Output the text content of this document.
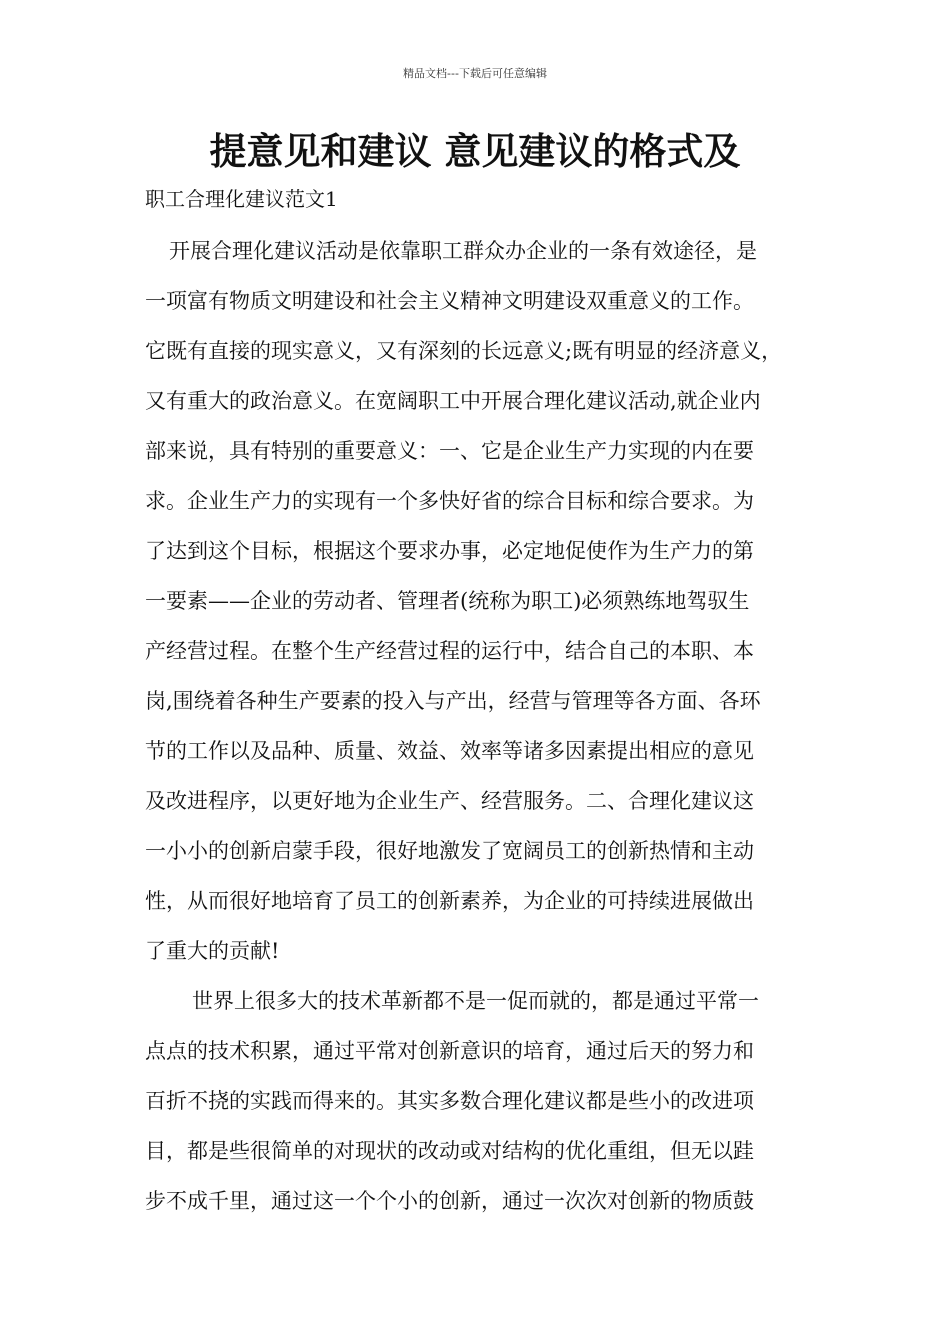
精品文档---下载后可任意编辑
提意见和建议 意见建议的格式及
职工合理化建议范文1
开展合理化建议活动是依靠职工群众办企业的一条有效途径，是
一项富有物质文明建设和社会主义精神文明建设双重意义的工作。
它既有直接的现实意义，又有深刻的长远意义;既有明显的经济意义，
又有重大的政治意义。在宽阔职工中开展合理化建议活动,就企业内
部来说，具有特别的重要意义：一、它是企业生产力实现的内在要
求。企业生产力的实现有一个多快好省的综合目标和综合要求。为
了达到这个目标，根据这个要求办事，必定地促使作为生产力的第
一要素——企业的劳动者、管理者(统称为职工)必须熟练地驾驭生
产经营过程。在整个生产经营过程的运行中，结合自己的本职、本
岗,围绕着各种生产要素的投入与产出，经营与管理等各方面、各环
节的工作以及品种、质量、效益、效率等诸多因素提出相应的意见
及改进程序，以更好地为企业生产、经营服务。二、合理化建议这
一小小的创新启蒙手段，很好地激发了宽阔员工的创新热情和主动
性，从而很好地培育了员工的创新素养，为企业的可持续进展做出
了重大的贡献!
世界上很多大的技术革新都不是一促而就的，都是通过平常一
点点的技术积累，通过平常对创新意识的培育，通过后天的努力和
百折不挠的实践而得来的。其实多数合理化建议都是些小的改进项
目，都是些很简单的对现状的改动或对结构的优化重组，但无以跬
步不成千里，通过这一个个小的创新，通过一次次对创新的物质鼓
